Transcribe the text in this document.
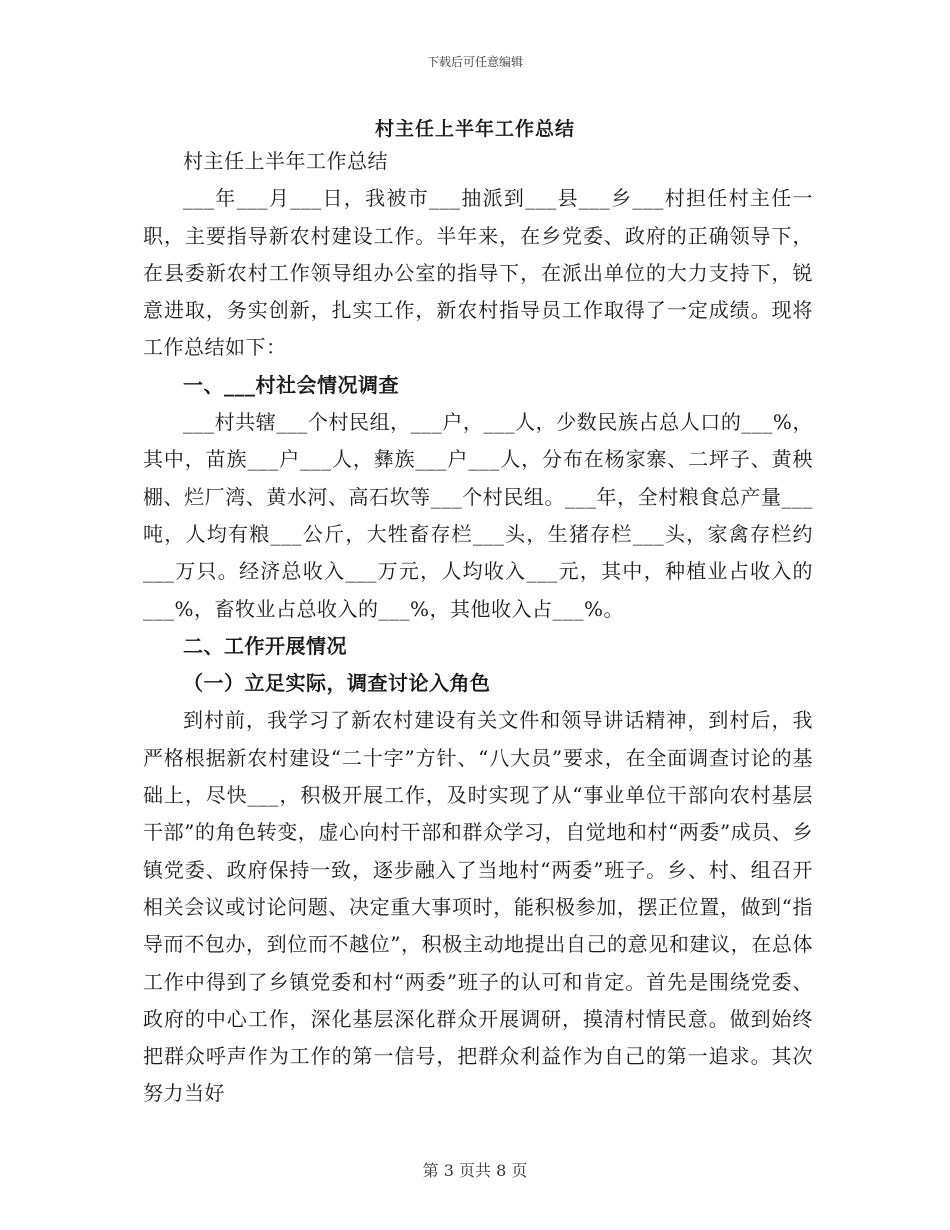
下载后可任意编辑
村主任上半年工作总结

村主任上半年工作总结

___年___月___日，我被市___抽派到___县___乡___村担任村主任一职，主要指导新农村建设工作。半年来，在乡党委、政府的正确领导下，在县委新农村工作领导组办公室的指导下，在派出单位的大力支持下，锐意进取，务实创新，扎实工作，新农村指导员工作取得了一定成绩。现将工作总结如下：

一、___村社会情况调查

___村共辖___个村民组，___户，___人，少数民族占总人口的___%，其中，苗族___户___人，彝族___户___人，分布在杨家寨、二坪子、黄秧棚、烂厂湾、黄水河、高石坎等___个村民组。___年，全村粮食总产量___吨，人均有粮___公斤，大牲畜存栏___头，生猪存栏___头，家禽存栏约___万只。经济总收入___万元，人均收入___元，其中，种植业占收入的___%，畜牧业占总收入的___%，其他收入占___%。

二、工作开展情况

（一）立足实际，调查讨论入角色

到村前，我学习了新农村建设有关文件和领导讲话精神，到村后，我严格根据新农村建设“二十字”方针、“八大员”要求，在全面调查讨论的基础上，尽快___，积极开展工作，及时实现了从“事业单位干部向农村基层干部”的角色转变，虚心向村干部和群众学习，自觉地和村“两委”成员、乡镇党委、政府保持一致，逐步融入了当地村“两委”班子。乡、村、组召开相关会议或讨论问题、决定重大事项时，能积极参加，摆正位置，做到“指导而不包办，到位而不越位”，积极主动地提出自己的意见和建议，在总体工作中得到了乡镇党委和村“两委”班子的认可和肯定。首先是围绕党委、政府的中心工作，深化基层深化群众开展调研，摸清村情民意。做到始终把群众呼声作为工作的第一信号，把群众利益作为自己的第一追求。其次努力当好

第 3 页共 8 页
